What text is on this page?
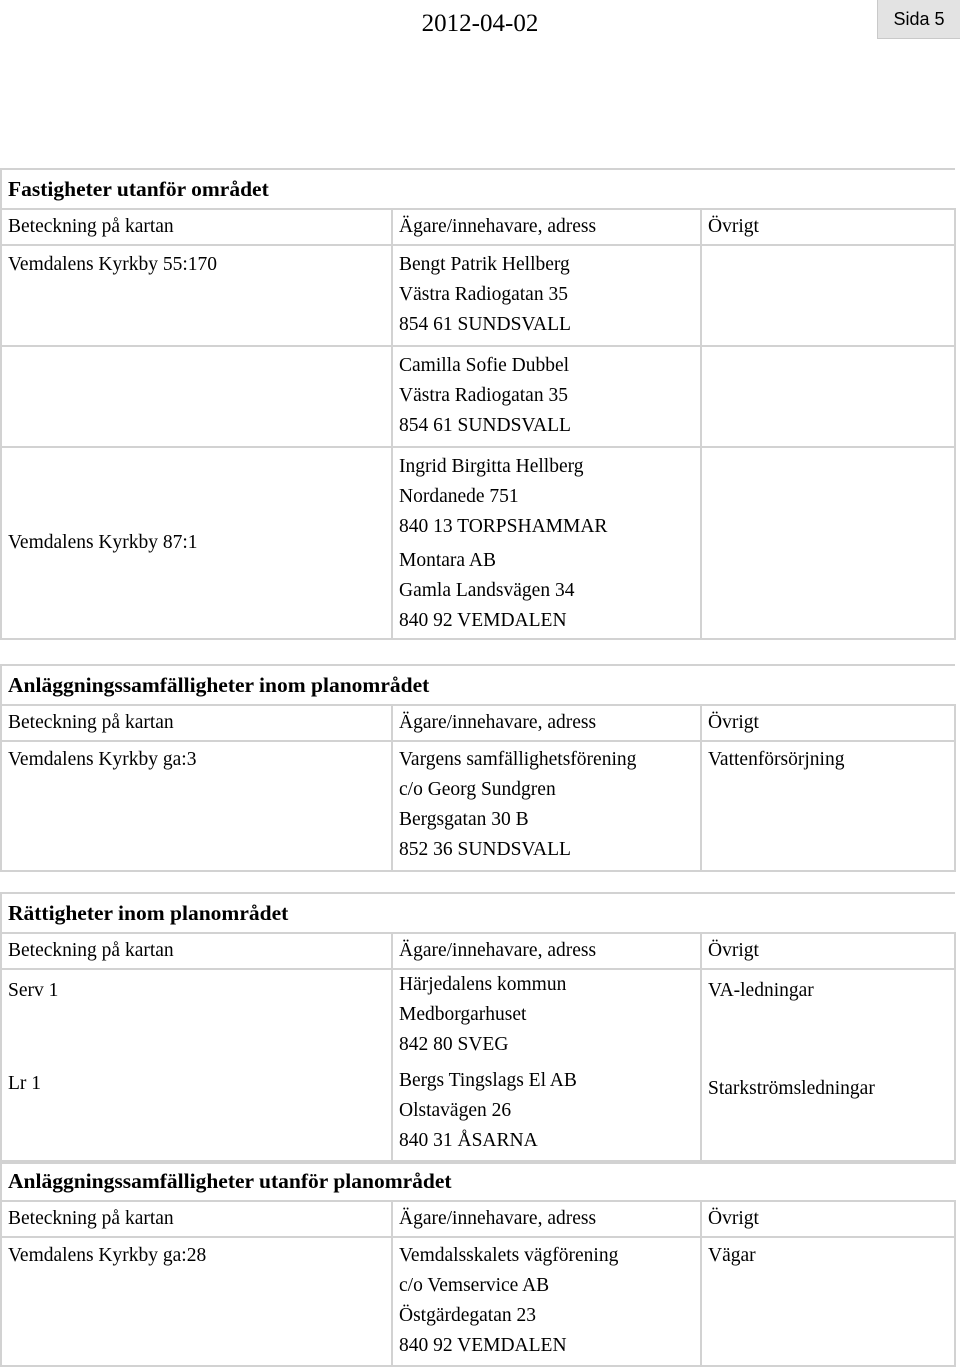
2012-04-02	Sida 5
Fastigheter utanför området		
Beteckning på kartan	Ägare/innehavare, adress	Övrigt
Vemdalens Kyrkby 55:170	Bengt Patrik Hellberg
Västra Radiogatan 35
854 61 SUNDSVALL	

	Camilla Sofie Dubbel
Västra Radiogatan 35
854 61 SUNDSVALL	

Vemdalens Kyrkby 87:1	Ingrid Birgitta Hellberg
Nordanede 751
840 13 TORPSHAMMAR	

	Montara AB
Gamla Landsvägen 34
840 92 VEMDALEN	
Anläggningssamfälligheter inom planområdet		
Beteckning på kartan	Ägare/innehavare, adress	Övrigt
Vemdalens Kyrkby ga:3	Vargens samfällighetsförening
c/o Georg Sundgren
Bergsgatan 30 B
852 36 SUNDSVALL	Vattenförsörjning
Rättigheter inom planområdet		
Beteckning på kartan	Ägare/innehavare, adress	Övrigt
Serv 1	Härjedalens kommun
Medborgarhuset
842 80 SVEG	VA-ledningar
Lr 1	Bergs Tingslags El AB
Olstavägen 26
840 31 ÅSARNA	Starkströmsledningar
Anläggningssamfälligheter utanför planområdet		
Beteckning på kartan	Ägare/innehavare, adress	Övrigt
Vemdalens Kyrkby ga:28	Vemdalsskalets vägförening
c/o Vemservice AB
Östgärdegatan 23
840 92 VEMDALEN	Vägar
